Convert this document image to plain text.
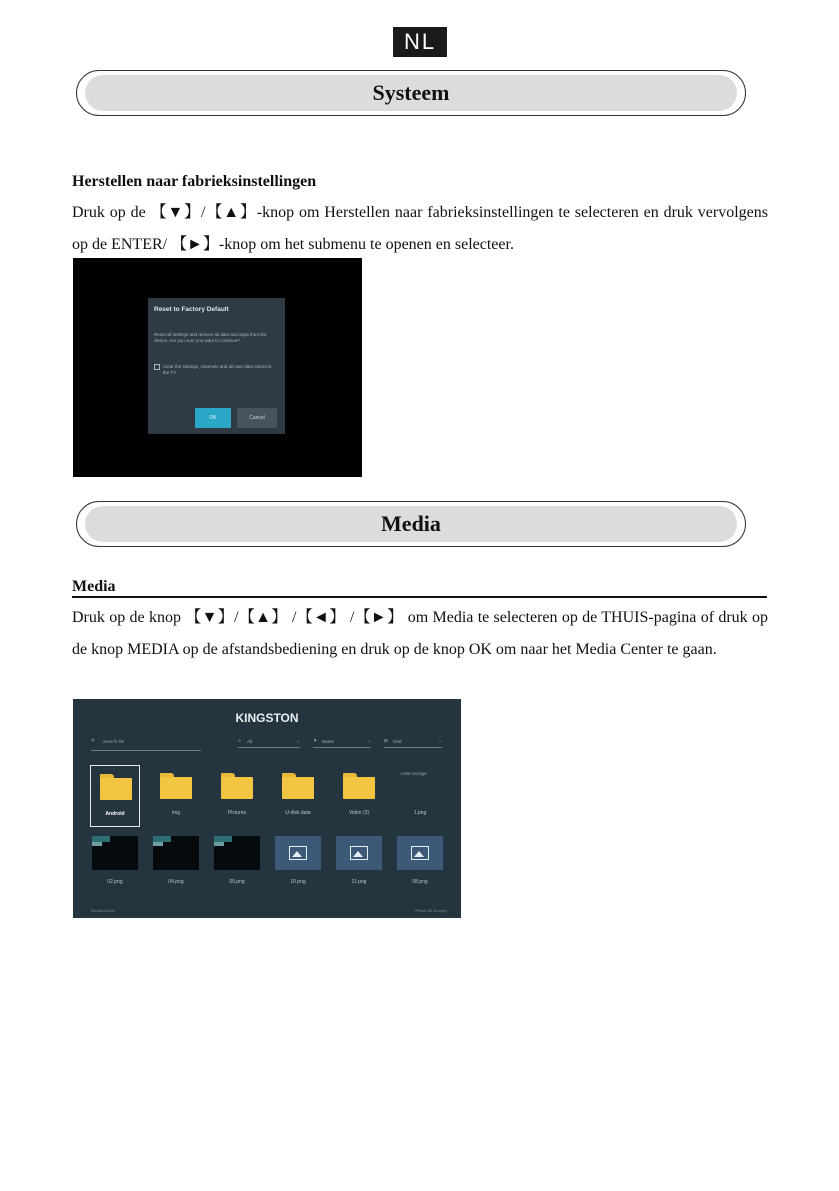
NL
Systeem
Herstellen naar fabrieksinstellingen

Druk op de 【▼】/【▲】-knop om Herstellen naar fabrieksinstellingen te selecteren en druk vervolgens op de ENTER/ 【►】-knop om het submenu te openen en selecteer.

Reset to Factory Default
Reset all settings and remove all data and apps from the device. Are you sure you want to continue?
Clear the settings, channels and all user data stored in the TV
OK	Cancel
Media
Media

Druk op de knop 【▼】/【▲】 /【◄】 /【►】 om Media te selecteren op de THUIS-pagina of druk op de knop MEDIA op de afstandsbediening en druk op de knop OK om naar het Media Center te gaan.

KINGSTON
⌕ Search file	≡ All	⌄	▼ Name	⌄	⊞ Grid	⌄
Android	img	Pictures	U-disk data	Video (3)
USB storage
1.png
02.png	04.png	05.png	10.png	11.png	08.png
Media Center	Press OK to open
